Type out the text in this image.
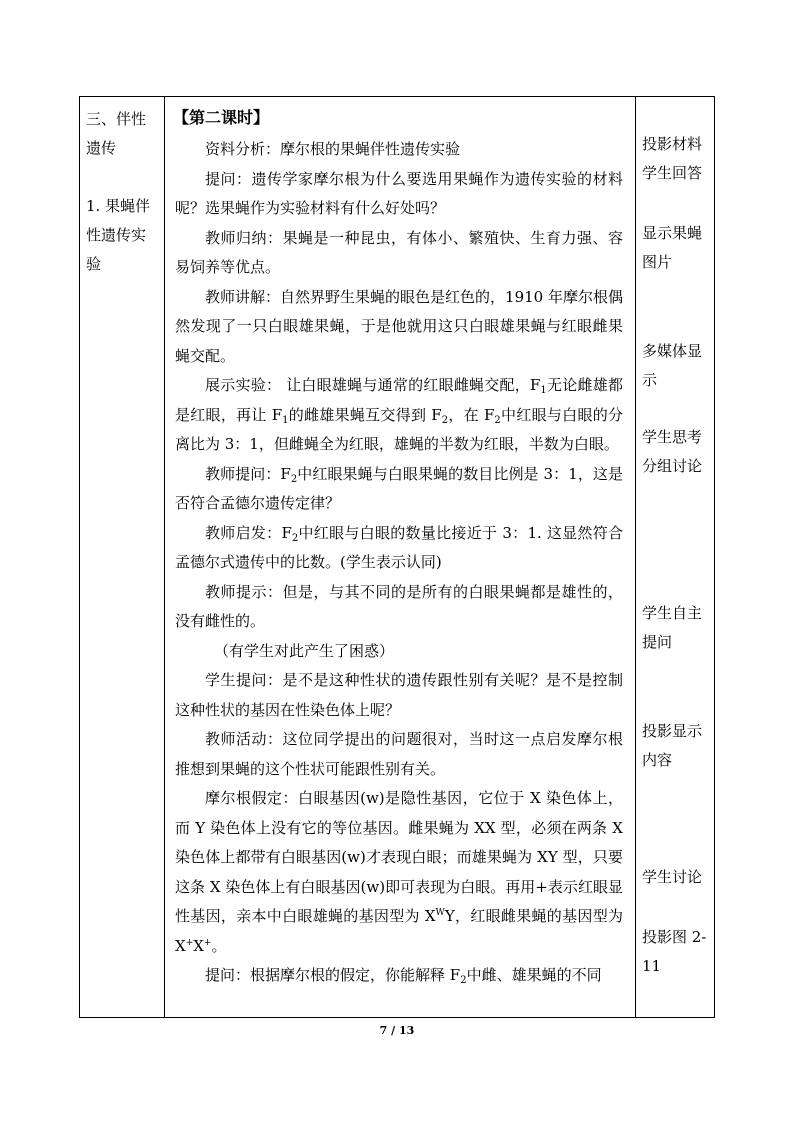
三、伴性遗传
1. 果蝇伴性遗传实验
【第二课时】

资料分析：摩尔根的果蝇伴性遗传实验

提问：遗传学家摩尔根为什么要选用果蝇作为遗传实验的材料呢？选果蝇作为实验材料有什么好处吗？

教师归纳：果蝇是一种昆虫，有体小、繁殖快、生育力强、容易饲养等优点。

教师讲解：自然界野生果蝇的眼色是红色的，1910 年摩尔根偶然发现了一只白眼雄果蝇，于是他就用这只白眼雄果蝇与红眼雌果蝇交配。

展示实验： 让白眼雄蝇与通常的红眼雌蝇交配，$F_1$无论雌雄都是红眼，再让 $F_1$的雌雄果蝇互交得到 $F_2$，在 $F_2$中红眼与白眼的分离比为 3：1，但雌蝇全为红眼，雄蝇的半数为红眼，半数为白眼。

教师提问：$F_2$中红眼果蝇与白眼果蝇的数目比例是 3：1，这是否符合孟德尔遗传定律？

教师启发：$F_2$中红眼与白眼的数量比接近于 3：1. 这显然符合孟德尔式遗传中的比数。(学生表示认同)

教师提示：但是，与其不同的是所有的白眼果蝇都是雄性的，没有雌性的。

（有学生对此产生了困惑）

学生提问：是不是这种性状的遗传跟性别有关呢？是不是控制这种性状的基因在性染色体上呢？

教师活动：这位同学提出的问题很对，当时这一点启发摩尔根推想到果蝇的这个性状可能跟性别有关。

摩尔根假定：白眼基因(w)是隐性基因，它位于 X 染色体上，而 Y 染色体上没有它的等位基因。雌果蝇为 XX 型，必须在两条 X 染色体上都带有白眼基因(w)才表现白眼；而雄果蝇为 XY 型，只要这条 X 染色体上有白眼基因(w)即可表现为白眼。再用+表示红眼显性基因，亲本中白眼雄蝇的基因型为 $X^WY$，红眼雌果蝇的基因型为 X+X+。

提问：根据摩尔根的假定，你能解释 $F_2$中雌、雄果蝇的不同

投影材料学生回答
显示果蝇图片
多媒体显示
学生思考分组讨论
学生自主提问
投影显示内容
学生讨论
投影图 2-11
7 / 13
